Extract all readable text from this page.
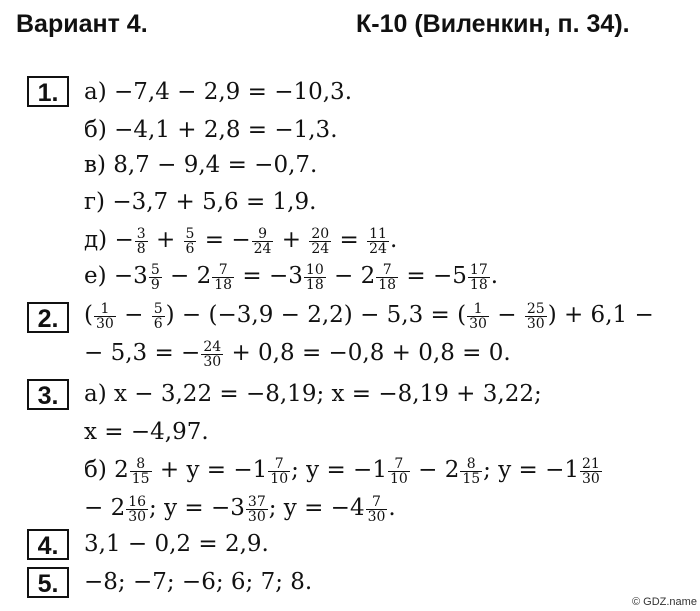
Вариант 4.	К-10 (Виленкин, п. 34).
1.	а) −7,4 − 2,9 = −10,3.
б) −4,1 + 2,8 = −1,3.
в) 8,7 − 9,4 = −0,7.
г) −3,7 + 5,6 = 1,9.
$д) - \frac{3}{8} + \frac{5}{6}$ = − $\frac{9}{24} + \frac{20}{24} = \frac{11}{24}$ .
$е) -3 \frac{5}{9} - 2 \frac{7}{18} = -3 \frac{10}{18} - 2 \frac{7}{18} = -5 \frac{17}{18}$ .
2.	( $\frac{1}{30} - \frac{5}{6}$ ) − (−3,9 − 2,2) − 5,3 = ( $\frac{1}{30} - \frac{25}{30}$ ) + 6,1 −
− 5,3 = − $\frac{24}{30} + 0,8 = -0,8 + 0,8 = 0$.
3.	а) x − 3,22 = −8,19; x = −8,19 + 3,22;
x = −4,97.
б) $2 \frac{8}{15} + y = -1 \frac{7}{10}$ ; $y = -1 \frac{7}{10} - 2 \frac{8}{15}$ ; $y = -1 \frac{21}{30}$
− $2 \frac{16}{30}$ ; $y = -3 \frac{37}{30}$ ; $y = -4 \frac{7}{30}$ .
4.	3,1 − 0,2 = 2,9.
5.	−8; −7; −6; 6; 7; 8.
© GDZ.name
